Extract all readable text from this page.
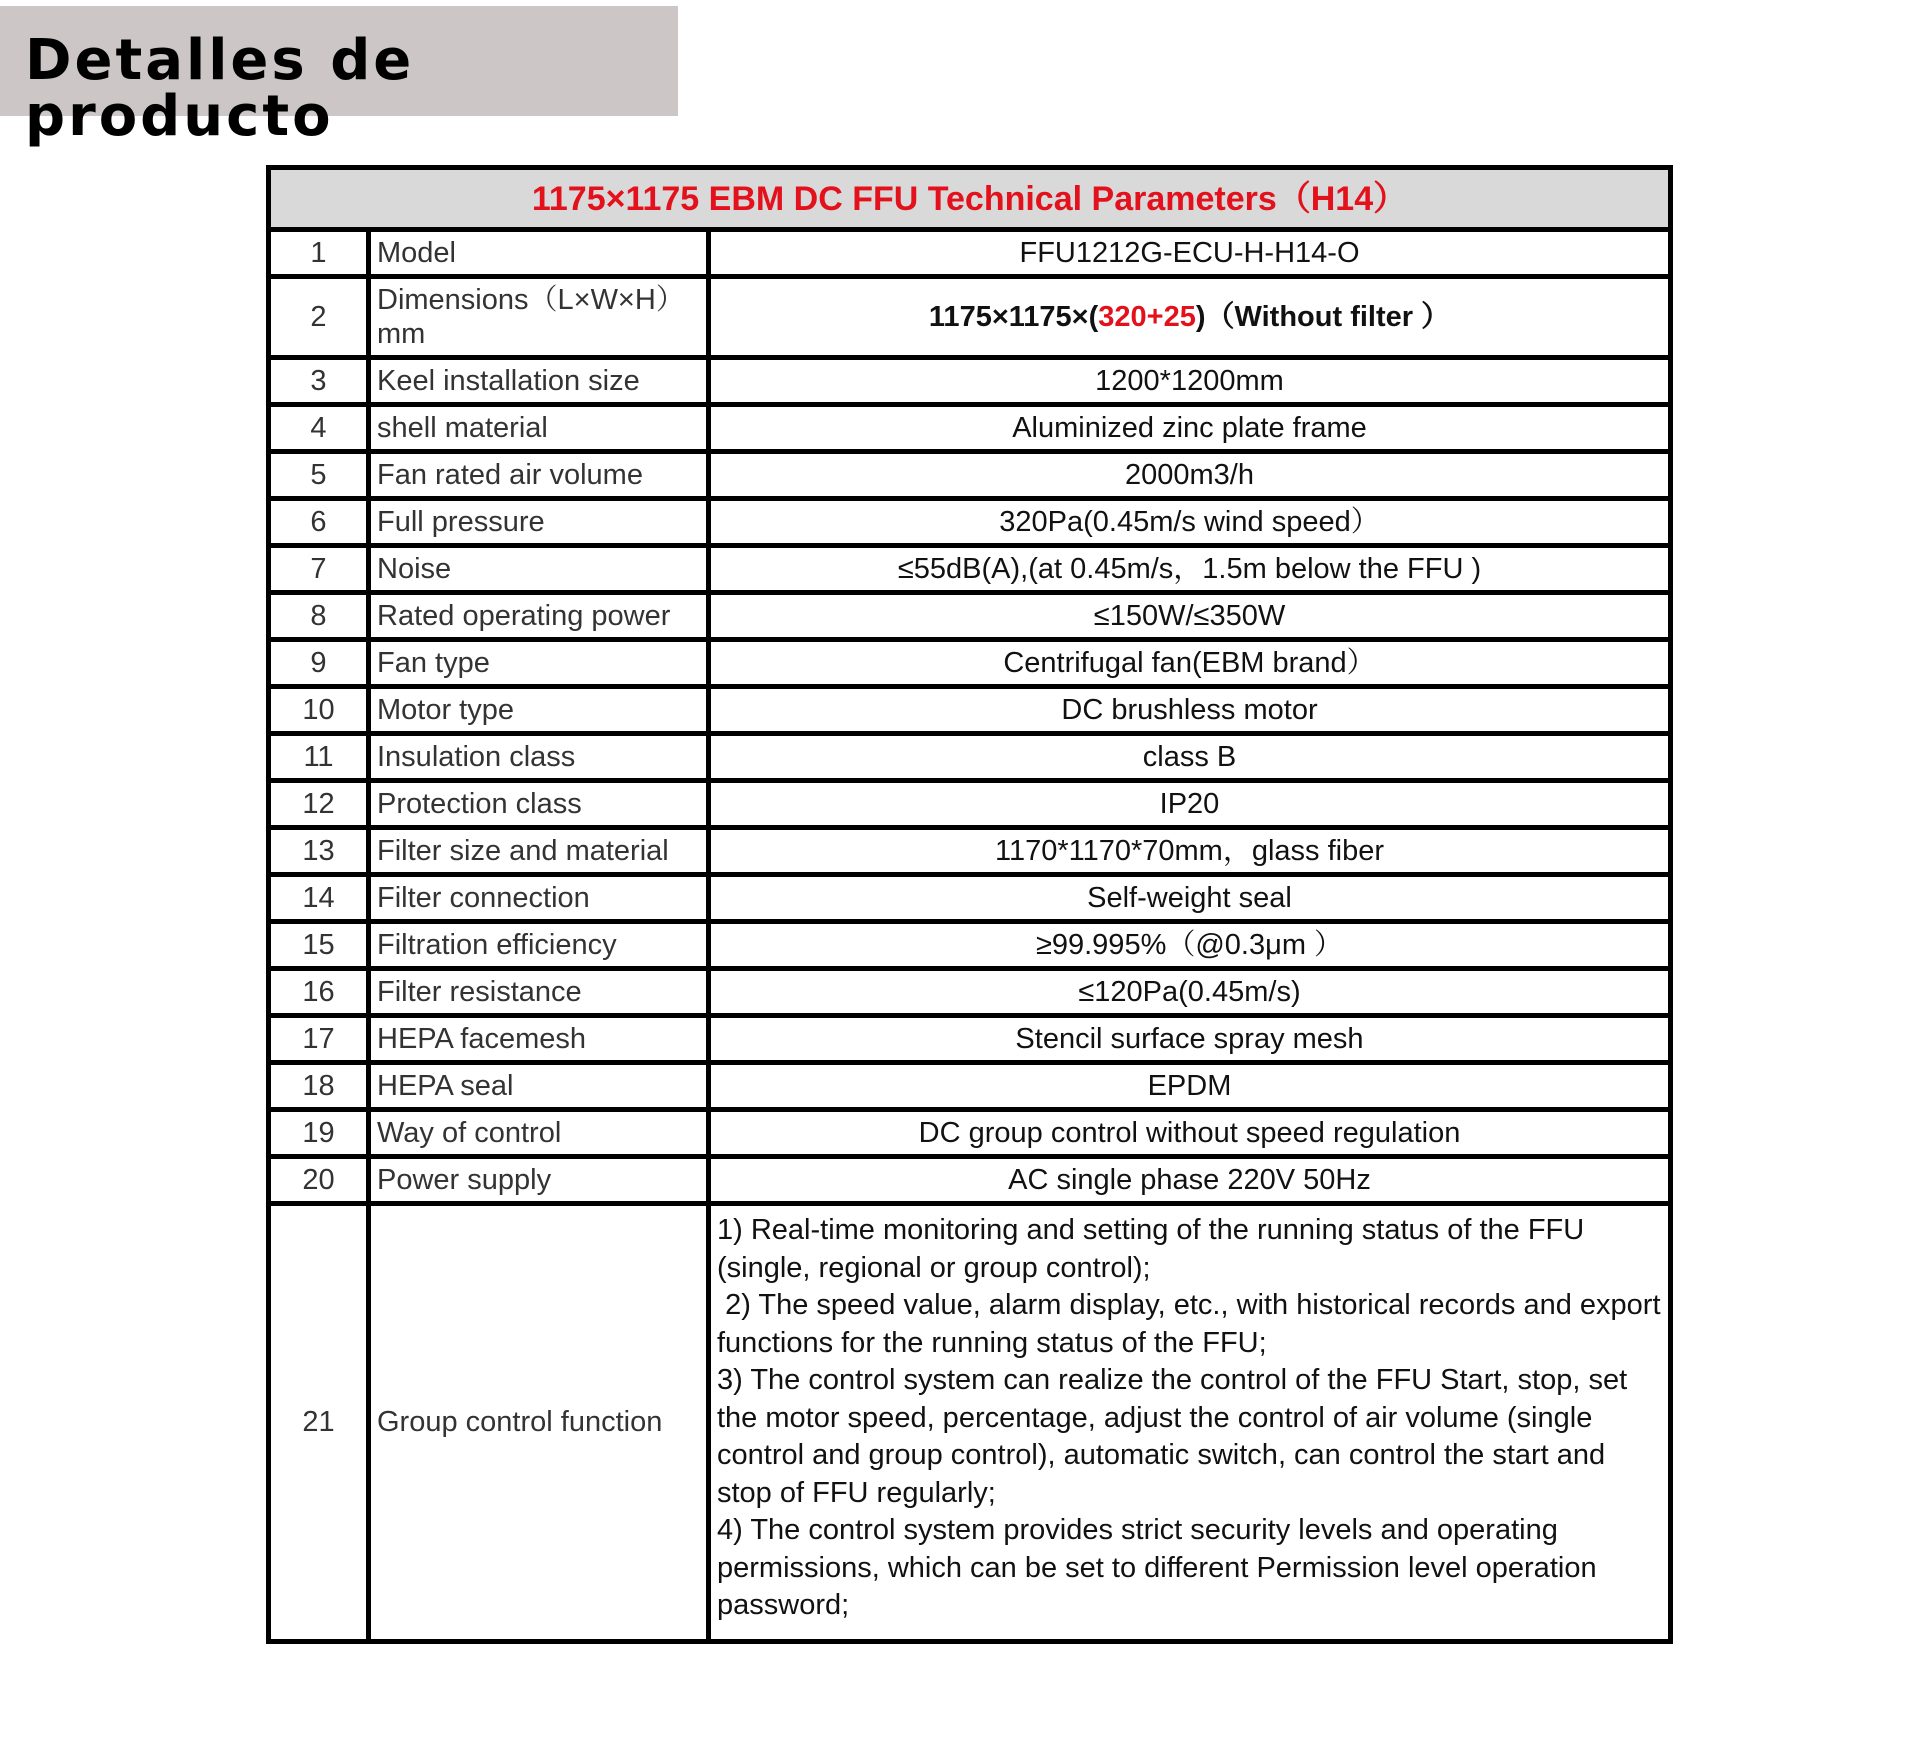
Detalles de producto
1175×1175 EBM DC FFU Technical Parameters（H14）		
1	Model	FFU1212G-ECU-H-H14-O
2	Dimensions（L×W×H） mm	1175×1175×(320+25)（Without filter ）
3	Keel installation size	1200*1200mm
4	shell material	Aluminized zinc plate frame
5	Fan rated air volume	2000m3/h
6	Full pressure	320Pa(0.45m/s wind speed）
7	Noise	≤55dB(A),(at 0.45m/s，1.5m below the FFU )
8	Rated operating power	≤150W/≤350W
9	Fan type	Centrifugal fan(EBM brand）
10	Motor type	DC brushless motor
11	Insulation class	class B
12	Protection class	IP20
13	Filter size and material	1170*1170*70mm，glass fiber
14	Filter connection	Self-weight seal
15	Filtration efficiency	≥99.995%（@0.3μm ）
16	Filter resistance	≤120Pa(0.45m/s)
17	HEPA facemesh	Stencil surface spray mesh
18	HEPA seal	EPDM
19	Way of control	DC group control without speed regulation
20	Power supply	AC single phase 220V 50Hz
21	Group control function	1) Real-time monitoring and setting of the running status of the FFU (single, regional or group control);
2) The speed value, alarm display, etc., with historical records and export functions for the running status of the FFU;
3) The control system can realize the control of the FFU Start, stop, set the motor speed, percentage, adjust the control of air volume (single control and group control), automatic switch, can control the start and stop of FFU regularly;
4) The control system provides strict security levels and operating permissions, which can be set to different Permission level operation password;
